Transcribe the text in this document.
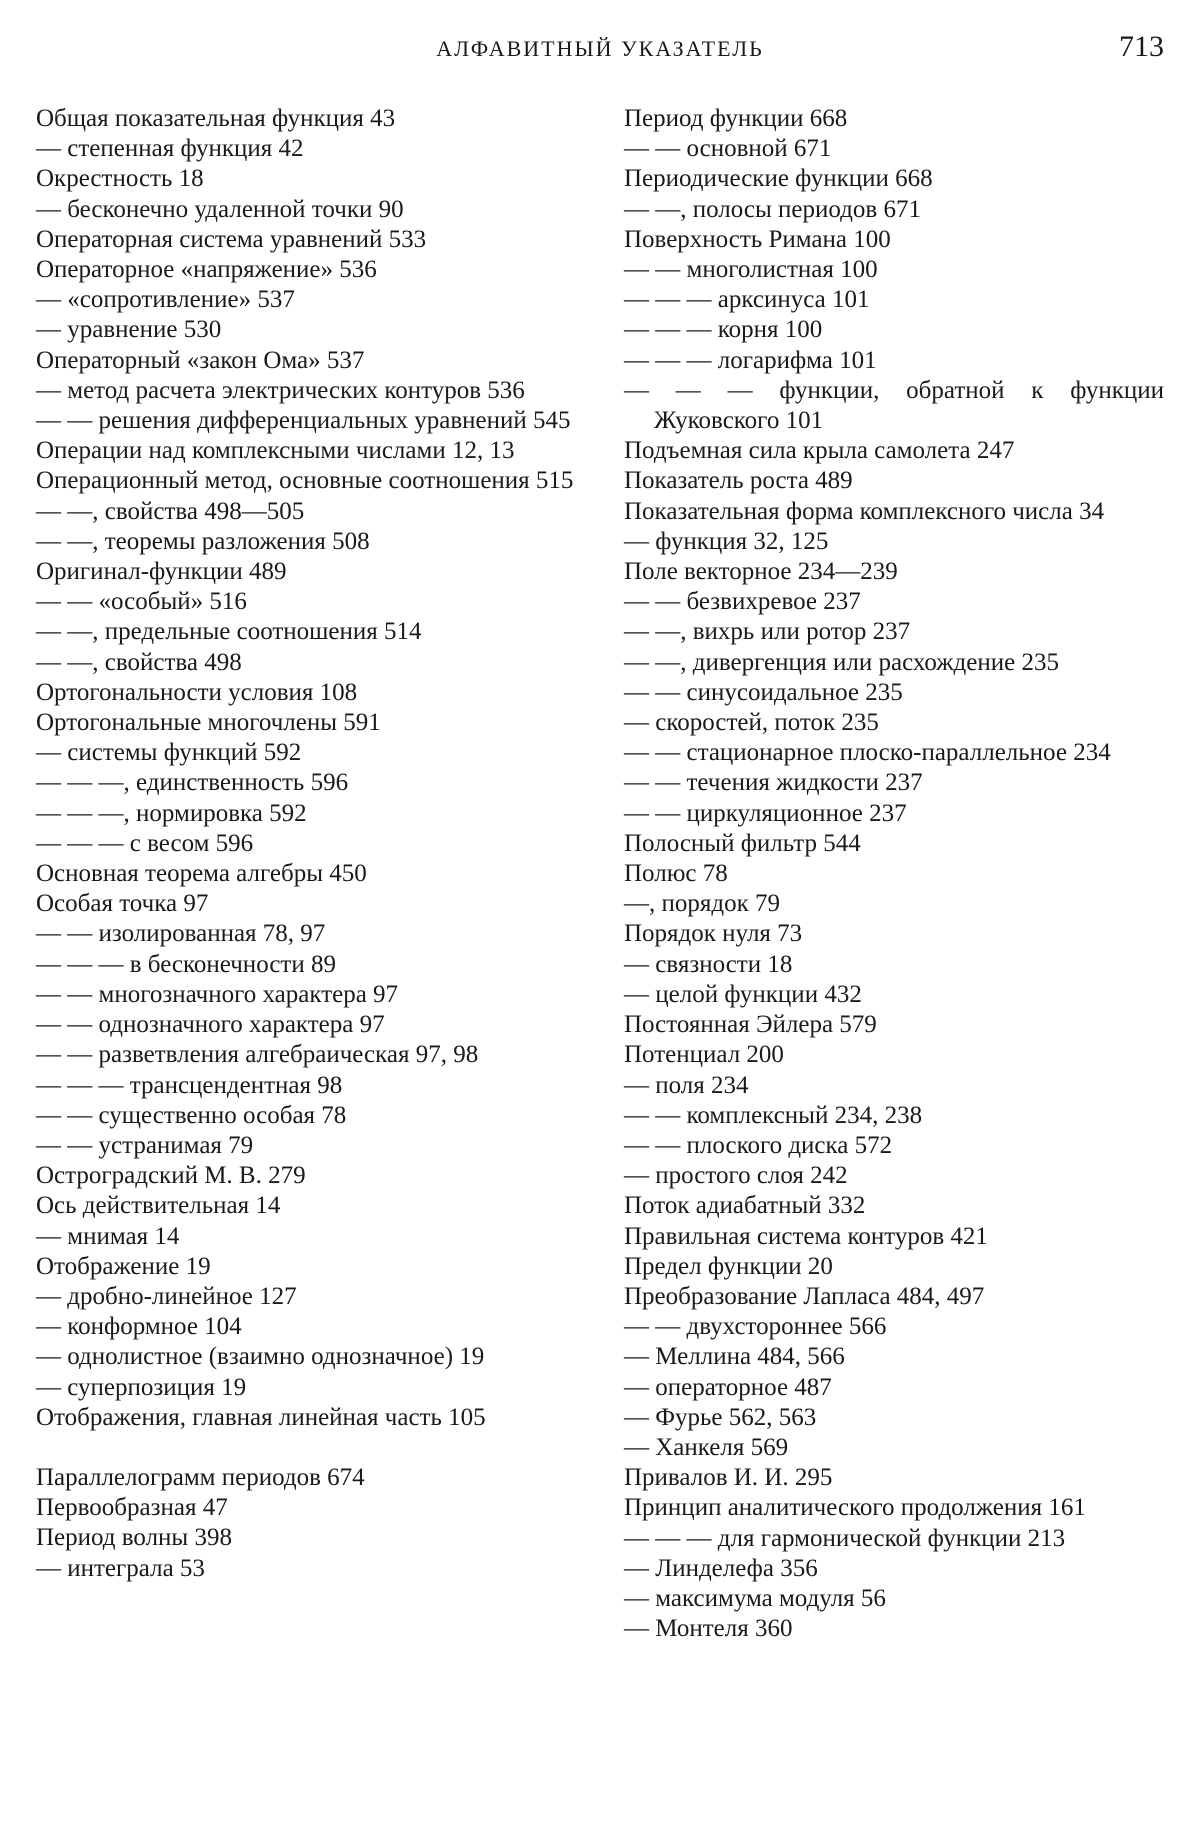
АЛФАВИТНЫЙ УКАЗАТЕЛЬ	713
Общая показательная функция 43
— степенная функция 42
Окрестность 18
— бесконечно удаленной точки 90
Операторная система уравнений 533
Операторное «напряжение» 536
— «сопротивление» 537
— уравнение 530
Операторный «закон Ома» 537
— метод расчета электрических контуров 536
— — решения дифференциальных уравнений 545
Операции над комплексными числами 12, 13
Операционный метод, основные соотношения 515
— —, свойства 498—505
— —, теоремы разложения 508
Оригинал-функции 489
— — «особый» 516
— —, предельные соотношения 514
— —, свойства 498
Ортогональности условия 108
Ортогональные многочлены 591
— системы функций 592
— — —, единственность 596
— — —, нормировка 592
— — — с весом 596
Основная теорема алгебры 450
Особая точка 97
— — изолированная 78, 97
— — — в бесконечности 89
— — многозначного характера 97
— — однозначного характера 97
— — разветвления алгебраическая 97, 98
— — — трансцендентная 98
— — существенно особая 78
— — устранимая 79
Остроградский М. В. 279
Ось действительная 14
— мнимая 14
Отображение 19
— дробно-линейное 127
— конформное 104
— однолистное (взаимно однозначное) 19
— суперпозиция 19
Отображения, главная линейная часть 105
Параллелограмм периодов 674
Первообразная 47
Период волны 398
— интеграла 53
Период функции 668
— — основной 671
Периодические функции 668
— —, полосы периодов 671
Поверхность Римана 100
— — многолистная 100
— — — арксинуса 101
— — — корня 100
— — — логарифма 101
— — — функции, обратной к функции Жуковского 101
Подъемная сила крыла самолета 247
Показатель роста 489
Показательная форма комплексного числа 34
— функция 32, 125
Поле векторное 234—239
— — безвихревое 237
— —, вихрь или ротор 237
— —, дивергенция или расхождение 235
— — синусоидальное 235
— скоростей, поток 235
— — стационарное плоско-параллельное 234
— — течения жидкости 237
— — циркуляционное 237
Полосный фильтр 544
Полюс 78
—, порядок 79
Порядок нуля 73
— связности 18
— целой функции 432
Постоянная Эйлера 579
Потенциал 200
— поля 234
— — комплексный 234, 238
— — плоского диска 572
— простого слоя 242
Поток адиабатный 332
Правильная система контуров 421
Предел функции 20
Преобразование Лапласа 484, 497
— — двухстороннее 566
— Меллина 484, 566
— операторное 487
— Фурье 562, 563
— Ханкеля 569
Привалов И. И. 295
Принцип аналитического продолжения 161
— — — для гармонической функции 213
— Линделефа 356
— максимума модуля 56
— Монтеля 360
